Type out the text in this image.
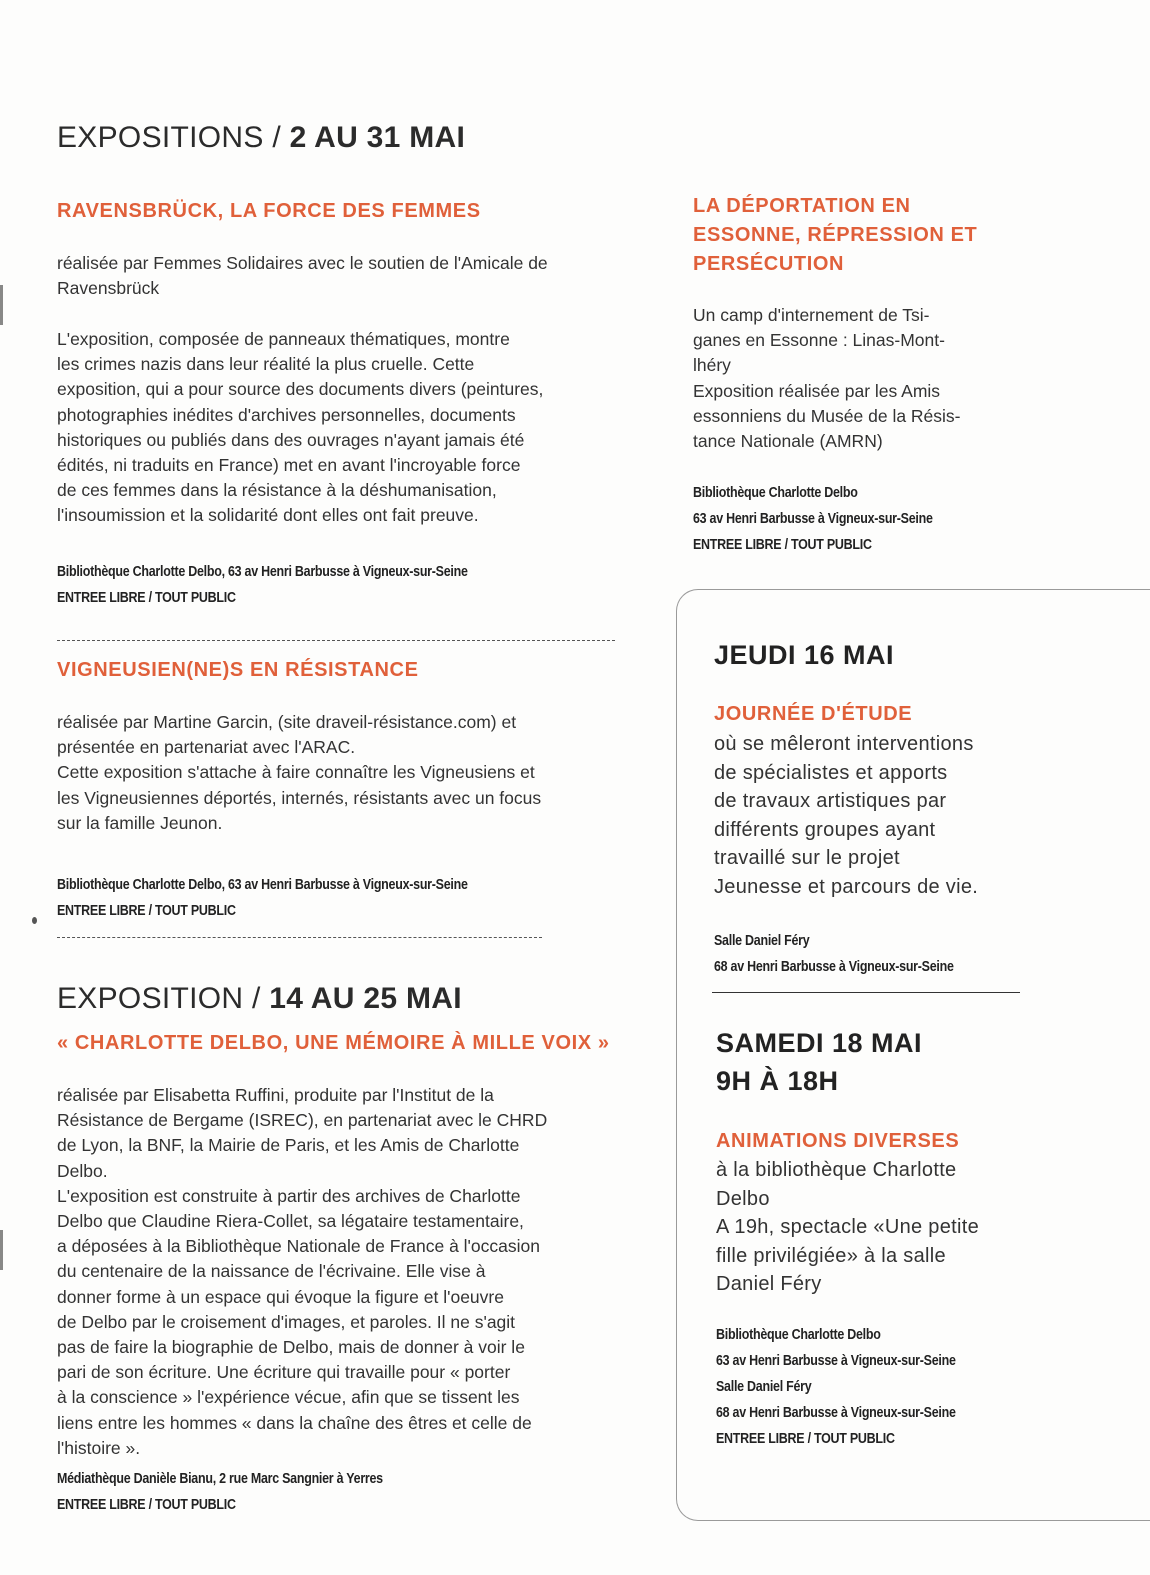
EXPOSITIONS / 2 AU 31 MAI
RAVENSBRÜCK, LA FORCE DES FEMMES
réalisée par Femmes Solidaires avec le soutien de l'Amicale de
Ravensbrück
L'exposition, composée de panneaux thématiques, montre
les crimes nazis dans leur réalité la plus cruelle. Cette
exposition, qui a pour source des documents divers (peintures,
photographies inédites d'archives personnelles, documents
historiques ou publiés dans des ouvrages n'ayant jamais été
édités, ni traduits en France) met en avant l'incroyable force
de ces femmes dans la résistance à la déshumanisation,
l'insoumission et la solidarité dont elles ont fait preuve.
Bibliothèque Charlotte Delbo, 63 av Henri Barbusse à Vigneux-sur-Seine
ENTREE LIBRE / TOUT PUBLIC
VIGNEUSIEN(NE)S EN RÉSISTANCE
réalisée par Martine Garcin, (site draveil-résistance.com) et
présentée en partenariat avec l'ARAC.
Cette exposition s'attache à faire connaître les Vigneusiens et
les Vigneusiennes déportés, internés, résistants avec un focus
sur la famille Jeunon.
Bibliothèque Charlotte Delbo, 63 av Henri Barbusse à Vigneux-sur-Seine
ENTREE LIBRE / TOUT PUBLIC
EXPOSITION / 14 AU 25 MAI
« CHARLOTTE DELBO, UNE MÉMOIRE À MILLE VOIX »
réalisée par Elisabetta Ruffini, produite par l'Institut de la
Résistance de Bergame (ISREC), en partenariat avec le CHRD
de Lyon, la BNF, la Mairie de Paris, et les Amis de Charlotte
Delbo.
L'exposition est construite à partir des archives de Charlotte
Delbo que Claudine Riera-Collet, sa légataire testamentaire,
a déposées à la Bibliothèque Nationale de France à l'occasion
du centenaire de la naissance de l'écrivaine. Elle vise à
donner forme à un espace qui évoque la figure et l'oeuvre
de Delbo par le croisement d'images, et paroles. Il ne s'agit
pas de faire la biographie de Delbo, mais de donner à voir le
pari de son écriture. Une écriture qui travaille pour « porter
à la conscience » l'expérience vécue, afin que se tissent les
liens entre les hommes « dans la chaîne des êtres et celle de
l'histoire ».
Médiathèque Danièle Bianu, 2 rue Marc Sangnier à Yerres
ENTREE LIBRE / TOUT PUBLIC
LA DÉPORTATION EN
ESSONNE, RÉPRESSION ET
PERSÉCUTION
Un camp d'internement de Tsi-
ganes en Essonne : Linas-Mont-
lhéry
Exposition réalisée par les Amis
essonniens du Musée de la Résis-
tance Nationale (AMRN)
Bibliothèque Charlotte Delbo
63 av Henri Barbusse à Vigneux-sur-Seine
ENTREE LIBRE / TOUT PUBLIC
JEUDI 16 MAI
JOURNÉE D'ÉTUDE
où se mêleront interventions
de spécialistes et apports
de travaux artistiques par
différents groupes ayant
travaillé sur le projet
Jeunesse et parcours de vie.
Salle Daniel Féry
68 av Henri Barbusse à Vigneux-sur-Seine
SAMEDI 18 MAI
9H À 18H
ANIMATIONS DIVERSES
à la bibliothèque Charlotte
Delbo
A 19h, spectacle «Une petite
fille privilégiée» à la salle
Daniel Féry
Bibliothèque Charlotte Delbo
63 av Henri Barbusse à Vigneux-sur-Seine
Salle Daniel Féry
68 av Henri Barbusse à Vigneux-sur-Seine
ENTREE LIBRE / TOUT PUBLIC
